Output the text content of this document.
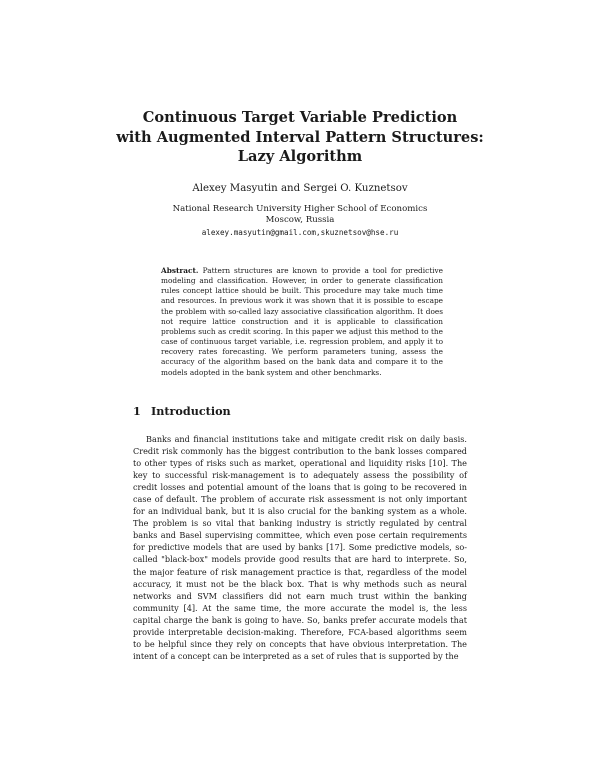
Continuous Target Variable Prediction
with Augmented Interval Pattern Structures:
Lazy Algorithm
Alexey Masyutin and Sergei O. Kuznetsov
National Research University Higher School of Economics
Moscow, Russia
alexey.masyutin@gmail.com,skuznetsov@hse.ru
Abstract. Pattern structures are known to provide a tool for predictive modeling and classification. However, in order to generate classification rules concept lattice should be built. This procedure may take much time and resources. In previous work it was shown that it is possible to escape the problem with so-called lazy associative classification algorithm. It does not require lattice construction and it is applicable to classification problems such as credit scoring. In this paper we adjust this method to the case of continuous target variable, i.e. regression problem, and apply it to recovery rates forecasting. We perform parameters tuning, assess the accuracy of the algorithm based on the bank data and compare it to the models adopted in the bank system and other benchmarks.
1 Introduction

Banks and financial institutions take and mitigate credit risk on daily basis. Credit risk commonly has the biggest contribution to the bank losses compared to other types of risks such as market, operational and liquidity risks [10]. The key to successful risk-management is to adequately assess the possibility of credit losses and potential amount of the loans that is going to be recovered in case of default. The problem of accurate risk assessment is not only important for an individual bank, but it is also crucial for the banking system as a whole. The problem is so vital that banking industry is strictly regulated by central banks and Basel supervising committee, which even pose certain requirements for predictive models that are used by banks [17]. Some predictive models, so-called "black-box" models provide good results that are hard to interprete. So, the major feature of risk management practice is that, regardless of the model accuracy, it must not be the black box. That is why methods such as neural networks and SVM classifiers did not earn much trust within the banking community [4]. At the same time, the more accurate the model is, the less capital charge the bank is going to have. So, banks prefer accurate models that provide interpretable decision-making. Therefore, FCA-based algorithms seem to be helpful since they rely on concepts that have obvious interpretation. The intent of a concept can be interpreted as a set of rules that is supported by the
